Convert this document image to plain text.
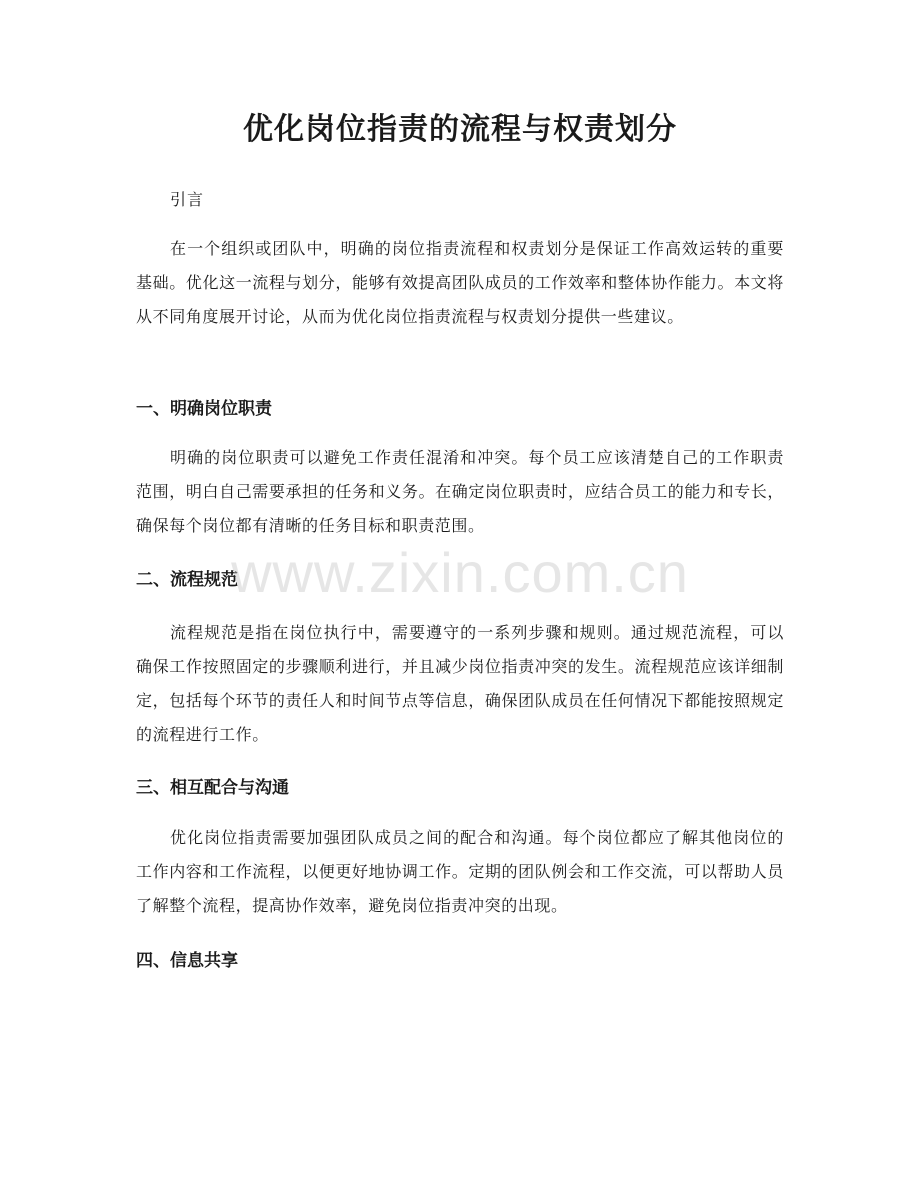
优化岗位指责的流程与权责划分

引言

在一个组织或团队中，明确的岗位指责流程和权责划分是保证工作高效运转的重要基础。优化这一流程与划分，能够有效提高团队成员的工作效率和整体协作能力。本文将从不同角度展开讨论，从而为优化岗位指责流程与权责划分提供一些建议。

一、明确岗位职责

明确的岗位职责可以避免工作责任混淆和冲突。每个员工应该清楚自己的工作职责范围，明白自己需要承担的任务和义务。在确定岗位职责时，应结合员工的能力和专长，确保每个岗位都有清晰的任务目标和职责范围。

二、流程规范

流程规范是指在岗位执行中，需要遵守的一系列步骤和规则。通过规范流程，可以确保工作按照固定的步骤顺利进行，并且减少岗位指责冲突的发生。流程规范应该详细制定，包括每个环节的责任人和时间节点等信息，确保团队成员在任何情况下都能按照规定的流程进行工作。

三、相互配合与沟通

优化岗位指责需要加强团队成员之间的配合和沟通。每个岗位都应了解其他岗位的工作内容和工作流程，以便更好地协调工作。定期的团队例会和工作交流，可以帮助人员了解整个流程，提高协作效率，避免岗位指责冲突的出现。

四、信息共享
www.zixin.com.cn
